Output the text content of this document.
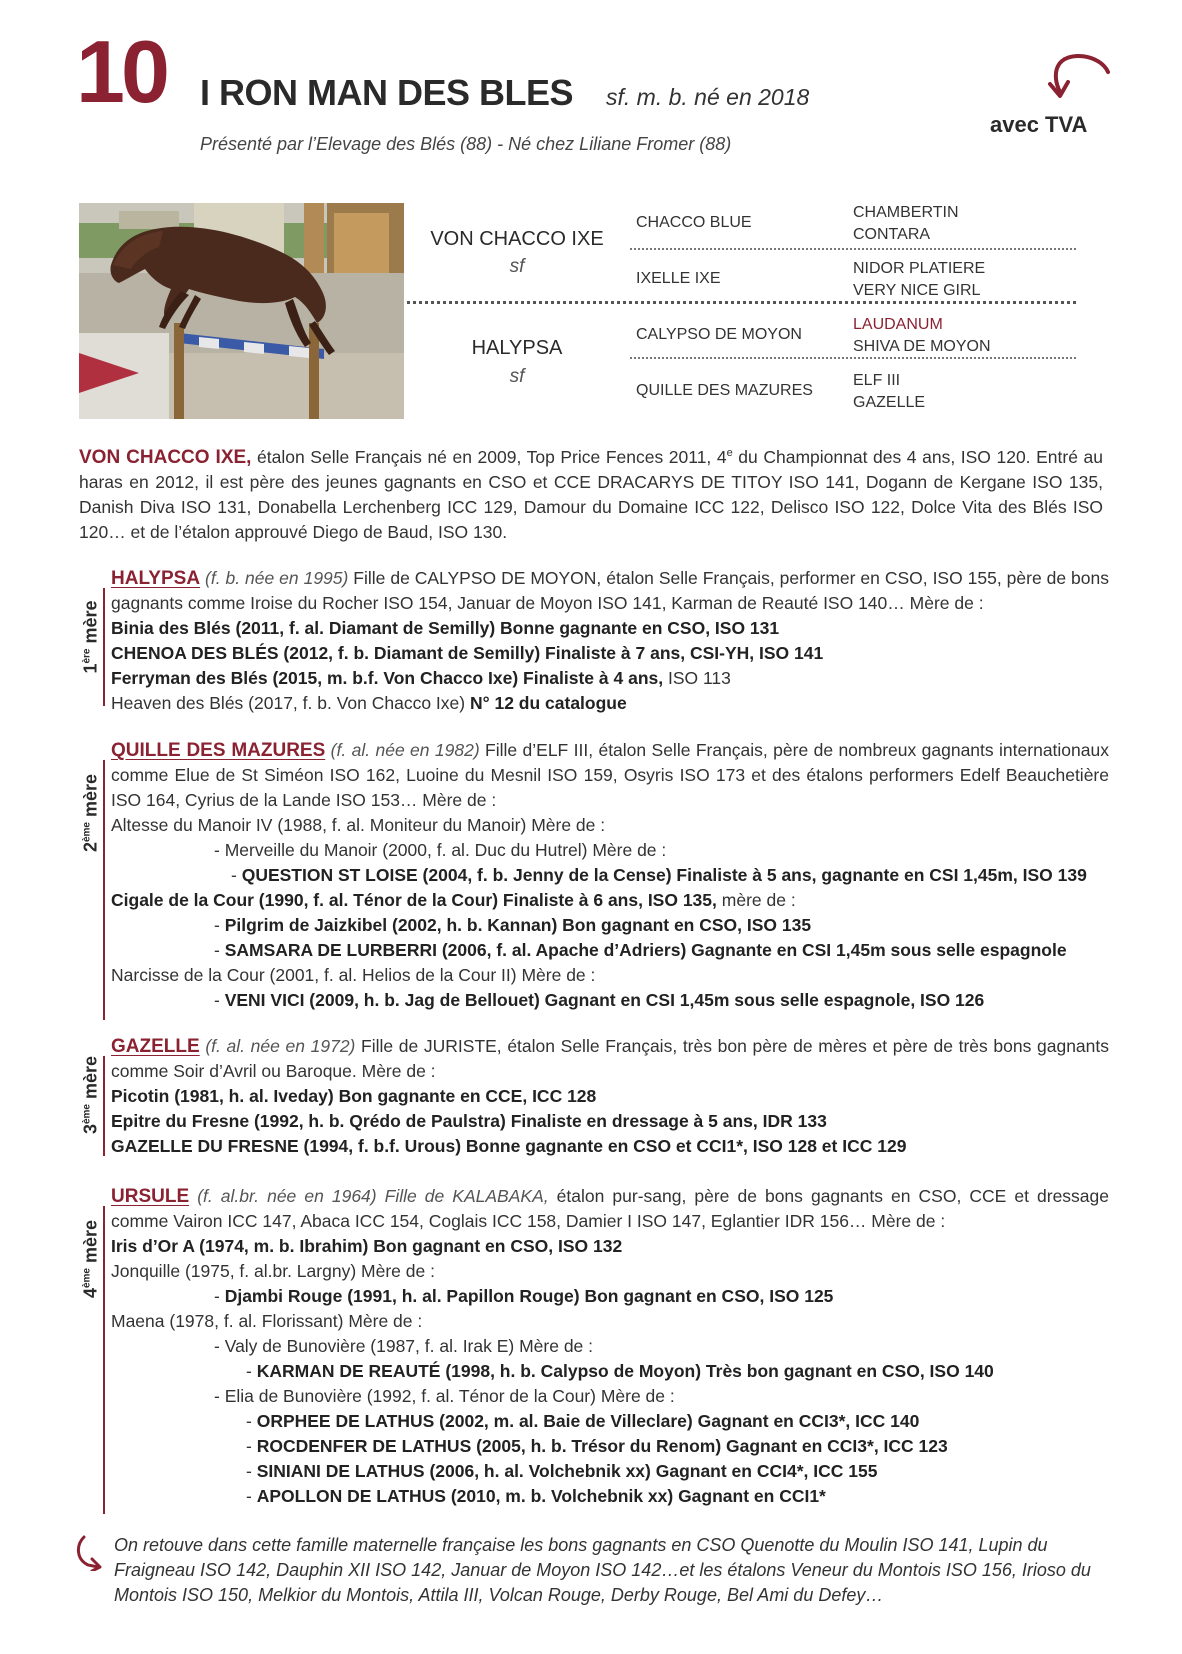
10 I RON MAN DES BLES sf. m. b. né en 2018
Présenté par l’Elevage des Blés (88) - Né chez Liliane Fromer (88)
avec TVA
VON CHACCO IXE
sf
HALYPSA
sf
CHACCO BLUE
IXELLE IXE
CALYPSO DE MOYON
QUILLE DES MAZURES
CHAMBERTIN
CONTARA
NIDOR PLATIERE
VERY NICE GIRL
LAUDANUM
SHIVA DE MOYON
ELF III
GAZELLE
VON CHACCO IXE, étalon Selle Français né en 2009, Top Price Fences 2011, 4e du Championnat des 4 ans, ISO 120. Entré au haras en 2012, il est père des jeunes gagnants en CSO et CCE DRACARYS DE TITOY ISO 141, Dogann de Kergane ISO 135, Danish Diva ISO 131, Donabella Lerchenberg ICC 129, Damour du Domaine ICC 122, Delisco ISO 122, Dolce Vita des Blés ISO 120… et de l’étalon approuvé Diego de Baud, ISO 130.
1ère mère

HALYPSA (f. b. née en 1995) Fille de CALYPSO DE MOYON, étalon Selle Français, performer en CSO, ISO 155, père de bons gagnants comme Iroise du Rocher ISO 154, Januar de Moyon ISO 141, Karman de Reauté ISO 140… Mère de :

Binia des Blés (2011, f. al. Diamant de Semilly) Bonne gagnante en CSO, ISO 131

CHENOA DES BLÉS (2012, f. b. Diamant de Semilly) Finaliste à 7 ans, CSI-YH, ISO 141

Ferryman des Blés (2015, m. b.f. Von Chacco Ixe) Finaliste à 4 ans, ISO 113

Heaven des Blés (2017, f. b. Von Chacco Ixe) N° 12 du catalogue

2ème mère

QUILLE DES MAZURES (f. al. née en 1982) Fille d’ELF III, étalon Selle Français, père de nombreux gagnants internationaux comme Elue de St Siméon ISO 162, Luoine du Mesnil ISO 159, Osyris ISO 173 et des étalons performers Edelf Beauchetière ISO 164, Cyrius de la Lande ISO 153… Mère de :

Altesse du Manoir IV (1988, f. al. Moniteur du Manoir) Mère de :

- Merveille du Manoir (2000, f. al. Duc du Hutrel) Mère de :

- QUESTION ST LOISE (2004, f. b. Jenny de la Cense) Finaliste à 5 ans, gagnante en CSI 1,45m, ISO 139

Cigale de la Cour (1990, f. al. Ténor de la Cour) Finaliste à 6 ans, ISO 135, mère de :

- Pilgrim de Jaizkibel (2002, h. b. Kannan) Bon gagnant en CSO, ISO 135

- SAMSARA DE LURBERRI (2006, f. al. Apache d’Adriers) Gagnante en CSI 1,45m sous selle espagnole

Narcisse de la Cour (2001, f. al. Helios de la Cour II) Mère de :

- VENI VICI (2009, h. b. Jag de Bellouet) Gagnant en CSI 1,45m sous selle espagnole, ISO 126

3ème mère

GAZELLE (f. al. née en 1972) Fille de JURISTE, étalon Selle Français, très bon père de mères et père de très bons gagnants comme Soir d’Avril ou Baroque. Mère de :

Picotin (1981, h. al. Iveday) Bon gagnante en CCE, ICC 128

Epitre du Fresne (1992, h. b. Qrédo de Paulstra) Finaliste en dressage à 5 ans, IDR 133

GAZELLE DU FRESNE (1994, f. b.f. Urous) Bonne gagnante en CSO et CCI1*, ISO 128 et ICC 129

4ème mère

URSULE (f. al.br. née en 1964) Fille de KALABAKA, étalon pur-sang, père de bons gagnants en CSO, CCE et dressage comme Vairon ICC 147, Abaca ICC 154, Coglais ICC 158, Damier I ISO 147, Eglantier IDR 156… Mère de :

Iris d’Or A (1974, m. b. Ibrahim) Bon gagnant en CSO, ISO 132

Jonquille (1975, f. al.br. Largny) Mère de :

- Djambi Rouge (1991, h. al. Papillon Rouge) Bon gagnant en CSO, ISO 125

Maena (1978, f. al. Florissant) Mère de :

- Valy de Bunovière (1987, f. al. Irak E) Mère de :

- KARMAN DE REAUTÉ (1998, h. b. Calypso de Moyon) Très bon gagnant en CSO, ISO 140

- Elia de Bunovière (1992, f. al. Ténor de la Cour) Mère de :

- ORPHEE DE LATHUS (2002, m. al. Baie de Villeclare) Gagnant en CCI3*, ICC 140

- ROCDENFER DE LATHUS (2005, h. b. Trésor du Renom) Gagnant en CCI3*, ICC 123

- SINIANI DE LATHUS (2006, h. al. Volchebnik xx) Gagnant en CCI4*, ICC 155

- APOLLON DE LATHUS (2010, m. b. Volchebnik xx) Gagnant en CCI1*

On retouve dans cette famille maternelle française les bons gagnants en CSO Quenotte du Moulin ISO 141, Lupin du Fraigneau ISO 142, Dauphin XII ISO 142, Januar de Moyon ISO 142…et les étalons Veneur du Montois ISO 156, Irioso du Montois ISO 150, Melkior du Montois, Attila III, Volcan Rouge, Derby Rouge, Bel Ami du Defey…
